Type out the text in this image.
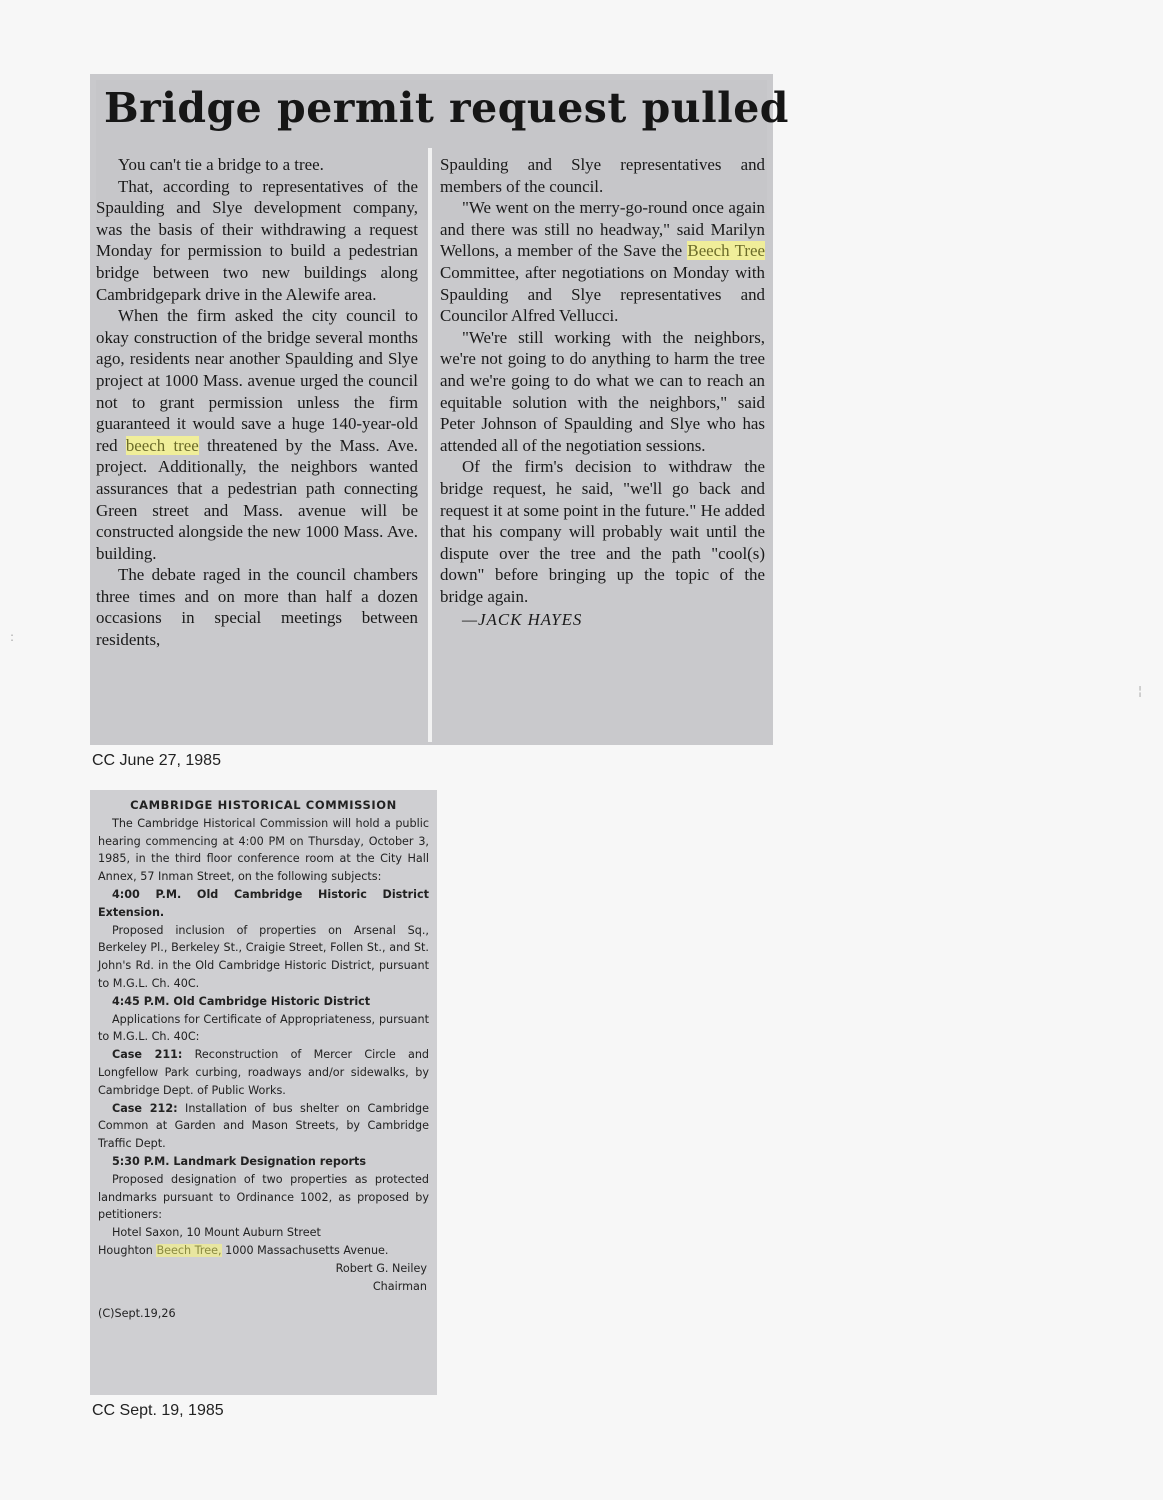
Bridge permit request pulled

You can't tie a bridge to a tree.

That, according to representatives of the Spaulding and Slye development company, was the basis of their withdrawing a request Monday for permission to build a pedestrian bridge between two new buildings along Cambridgepark drive in the Alewife area.

When the firm asked the city council to okay construction of the bridge several months ago, residents near another Spaulding and Slye project at 1000 Mass. avenue urged the council not to grant permission unless the firm guaranteed it would save a huge 140-year-old red beech tree threatened by the Mass. Ave. project. Additionally, the neighbors wanted assurances that a pedestrian path connecting Green street and Mass. avenue will be constructed alongside the new 1000 Mass. Ave. building.

The debate raged in the council chambers three times and on more than half a dozen occasions in special meetings between residents,

Spaulding and Slye representatives and members of the council.

"We went on the merry-go-round once again and there was still no headway," said Marilyn Wellons, a member of the Save the Beech Tree Committee, after negotiations on Monday with Spaulding and Slye representatives and Councilor Alfred Vellucci.

"We're still working with the neighbors, we're not going to do anything to harm the tree and we're going to do what we can to reach an equitable solution with the neighbors," said Peter Johnson of Spaulding and Slye who has attended all of the negotiation sessions.

Of the firm's decision to withdraw the bridge request, he said, "we'll go back and request it at some point in the future." He added that his company will probably wait until the dispute over the tree and the path "cool(s) down" before bringing up the topic of the bridge again.

—JACK HAYES

CC June 27, 1985
CAMBRIDGE HISTORICAL COMMISSION

The Cambridge Historical Commission will hold a public hearing commencing at 4:00 PM on Thursday, October 3, 1985, in the third floor conference room at the City Hall Annex, 57 Inman Street, on the following subjects:

4:00 P.M. Old Cambridge Historic District Extension.

Proposed inclusion of properties on Arsenal Sq., Berkeley Pl., Berkeley St., Craigie Street, Follen St., and St. John's Rd. in the Old Cambridge Historic District, pursuant to M.G.L. Ch. 40C.

4:45 P.M. Old Cambridge Historic District

Applications for Certificate of Appropriateness, pursuant to M.G.L. Ch. 40C:

Case 211: Reconstruction of Mercer Circle and Longfellow Park curbing, roadways and/or sidewalks, by Cambridge Dept. of Public Works.

Case 212: Installation of bus shelter on Cambridge Common at Garden and Mason Streets, by Cambridge Traffic Dept.

5:30 P.M. Landmark Designation reports

Proposed designation of two properties as protected landmarks pursuant to Ordinance 1002, as proposed by petitioners:

Hotel Saxon, 10 Mount Auburn Street

Houghton Beech Tree, 1000 Massachusetts Avenue.

Robert G. Neiley

Chairman

(C)Sept.19,26

CC Sept. 19, 1985
:
¦
